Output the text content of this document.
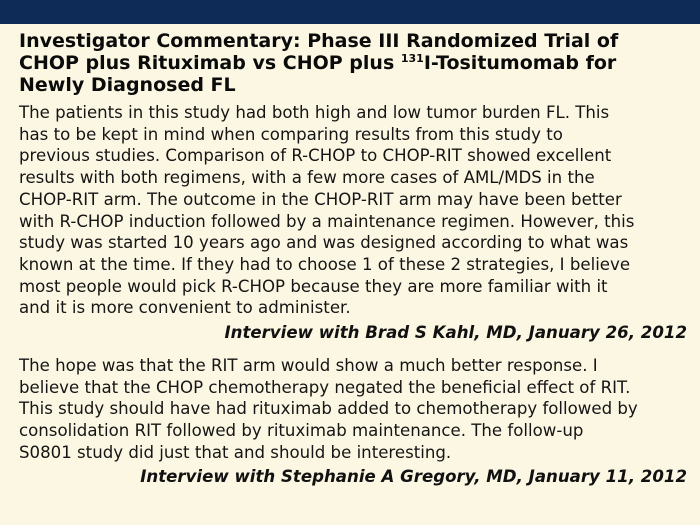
Investigator Commentary: Phase III Randomized Trial of
CHOP plus Rituximab vs CHOP plus $^{131}$I-Tositumomab for
Newly Diagnosed FL

The patients in this study had both high and low tumor burden FL. This
has to be kept in mind when comparing results from this study to
previous studies. Comparison of R-CHOP to CHOP-RIT showed excellent
results with both regimens, with a few more cases of AML/MDS in the
CHOP-RIT arm. The outcome in the CHOP-RIT arm may have been better
with R-CHOP induction followed by a maintenance regimen. However, this
study was started 10 years ago and was designed according to what was
known at the time. If they had to choose 1 of these 2 strategies, I believe
most people would pick R-CHOP because they are more familiar with it
and it is more convenient to administer.

Interview with Brad S Kahl, MD, January 26, 2012

The hope was that the RIT arm would show a much better response. I
believe that the CHOP chemotherapy negated the beneficial effect of RIT.
This study should have had rituximab added to chemotherapy followed by
consolidation RIT followed by rituximab maintenance. The follow-up
S0801 study did just that and should be interesting.

Interview with Stephanie A Gregory, MD, January 11, 2012
